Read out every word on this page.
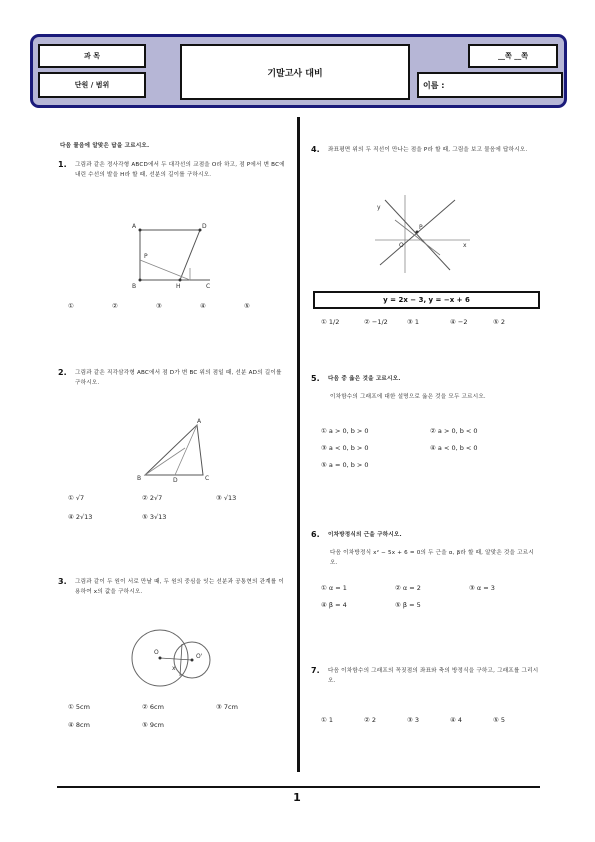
과 목
단원 / 범위
기말고사 대비
__쪽 __쪽
이름 :
다음 물음에 알맞은 답을 고르시오.
1. 그림과 같은 정사각형 ABCD에서 두 대각선의 교점을 O라 하고, 점 P에서 변 BC에 내린 수선의 발을 H라 할 때, 선분의 길이를 구하시오.
A	D
B	H	C
P
①	②	③	④	⑤
2. 그림과 같은 직각삼각형 ABC에서 점 D가 변 BC 위의 점일 때, 선분 AD의 길이를 구하시오.
A
B	C
D
① √7	② 2√7	③ √13
④ 2√13	⑤ 3√13
3. 그림과 같이 두 원이 서로 만날 때, 두 원의 중심을 잇는 선분과 공통현의 관계를 이용하여 x의 값을 구하시오.
O
O'
x
① 5cm	② 6cm	③ 7cm
④ 8cm	⑤ 9cm
4. 좌표평면 위의 두 직선이 만나는 점을 P라 할 때, 그림을 보고 물음에 답하시오.
y
x
P
O
y = 2x − 3, y = −x + 6
① 1/2	② −1/2	③ 1	④ −2	⑤ 2
5. 다음 중 옳은 것을 고르시오.
이차함수의 그래프에 대한 설명으로 옳은 것을 모두 고르시오.
① a > 0, b > 0	② a > 0, b < 0
③ a < 0, b > 0	④ a < 0, b < 0
⑤ a = 0, b > 0
6. 이차방정식의 근을 구하시오.
다음 이차방정식 x² − 5x + 6 = 0의 두 근을 α, β라 할 때, 알맞은 것을 고르시오.
① α = 1	② α = 2	③ α = 3
④ β = 4	⑤ β = 5
7. 다음 이차함수의 그래프의 꼭짓점의 좌표와 축의 방정식을 구하고, 그래프를 그리시오.
① 1	② 2	③ 3	④ 4	⑤ 5
1
